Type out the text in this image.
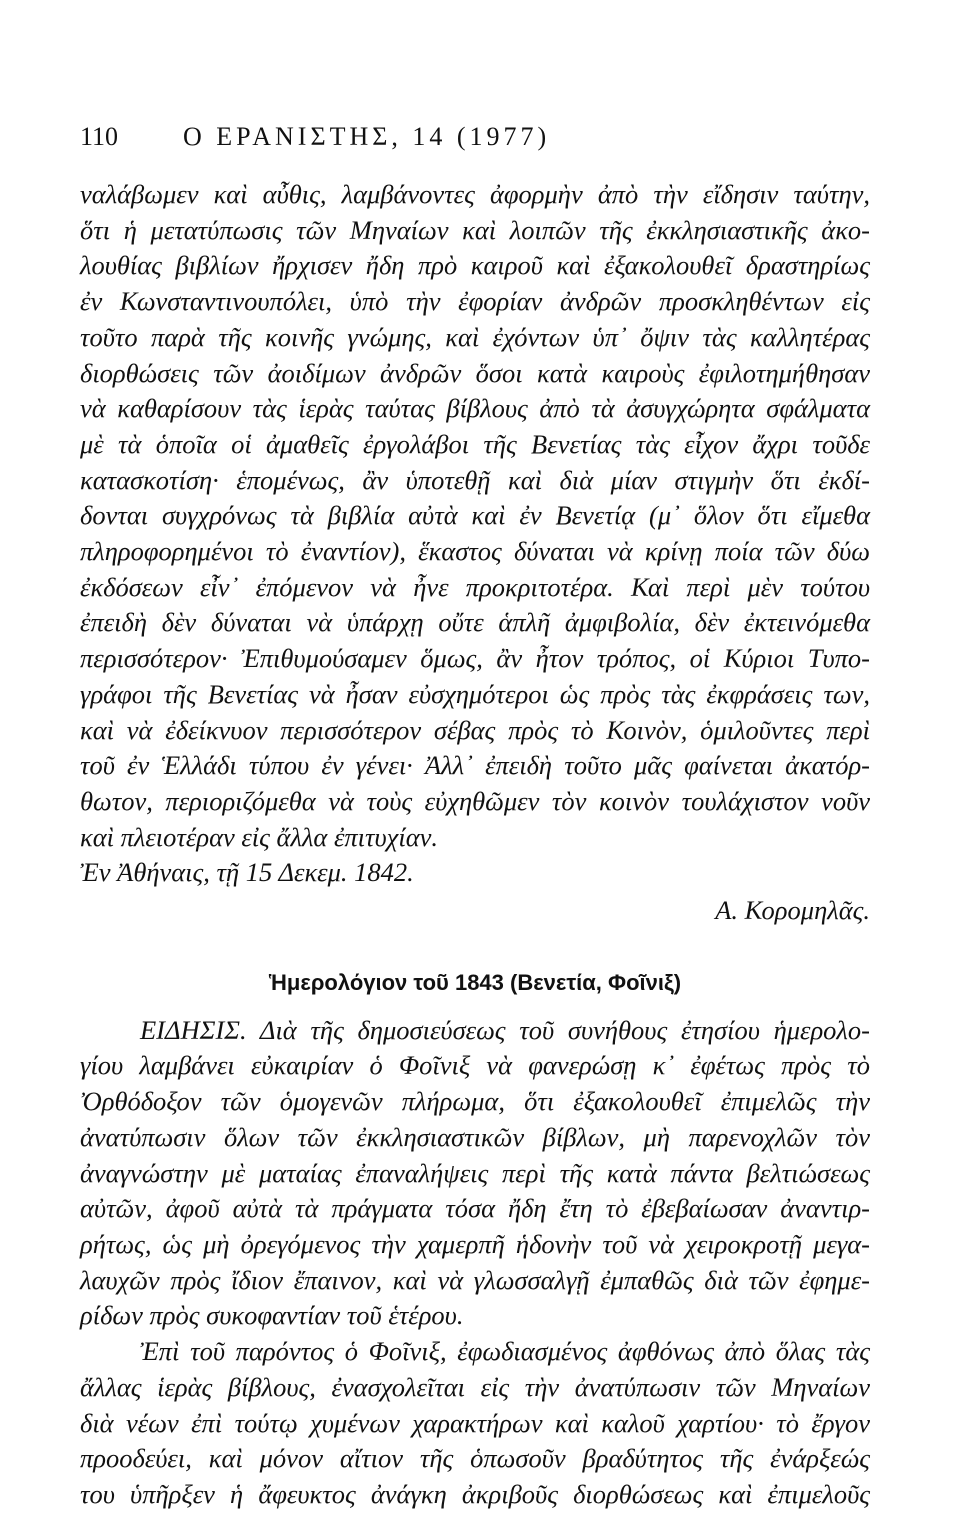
110 Ο ΕΡΑΝΙΣΤΗΣ, 14 (1977)
ναλάβωμεν καὶ αὖθις, λαμβάνοντες ἀφορμὴν ἀπὸ τὴν εἴδησιν ταύτην,
ὅτι ἡ μετατύπωσις τῶν Μηναίων καὶ λοιπῶν τῆς ἐκκλησιαστικῆς ἀκο-
λουθίας βιβλίων ἤρχισεν ἤδη πρὸ καιροῦ καὶ ἐξακολουθεῖ δραστηρίως
ἐν Κωνσταντινουπόλει, ὑπὸ τὴν ἐφορίαν ἀνδρῶν προσκληθέντων εἰς
τοῦτο παρὰ τῆς κοινῆς γνώμης, καὶ ἐχόντων ὑπ᾽ ὄψιν τὰς καλλητέρας
διορθώσεις τῶν ἀοιδίμων ἀνδρῶν ὅσοι κατὰ καιροὺς ἐφιλοτημήθησαν
νὰ καθαρίσουν τὰς ἱερὰς ταύτας βίβλους ἀπὸ τὰ ἀσυγχώρητα σφάλματα
μὲ τὰ ὁποῖα οἱ ἀμαθεῖς ἐργολάβοι τῆς Βενετίας τὰς εἶχον ἄχρι τοῦδε
κατασκοτίση· ἑπομένως, ἂν ὑποτεθῇ καὶ διὰ μίαν στιγμὴν ὅτι ἐκδί-
δονται συγχρόνως τὰ βιβλία αὐτὰ καὶ ἐν Βενετίᾳ (μ᾽ ὅλον ὅτι εἴμεθα
πληροφορημένοι τὸ ἐναντίον), ἕκαστος δύναται νὰ κρίνῃ ποία τῶν δύω
ἐκδόσεων εἶν᾽ ἐπόμενον νὰ ἦνε προκριτοτέρα. Καὶ περὶ μὲν τούτου
ἐπειδὴ δὲν δύναται νὰ ὑπάρχῃ οὔτε ἁπλῆ ἀμφιβολία, δὲν ἐκτεινόμεθα
περισσότερον· Ἐπιθυμούσαμεν ὅμως, ἂν ἦτον τρόπος, οἱ Κύριοι Τυπο-
γράφοι τῆς Βενετίας νὰ ἦσαν εὐσχημότεροι ὡς πρὸς τὰς ἐκφράσεις των,
καὶ νὰ ἐδείκνυον περισσότερον σέβας πρὸς τὸ Κοινὸν, ὁμιλοῦντες περὶ
τοῦ ἐν Ἑλλάδι τύπου ἐν γένει· Ἀλλ᾽ ἐπειδὴ τοῦτο μᾶς φαίνεται ἀκατόρ-
θωτον, περιοριζόμεθα νὰ τοὺς εὐχηθῶμεν τὸν κοινὸν τουλάχιστον νοῦν
καὶ πλειοτέραν εἰς ἄλλα ἐπιτυχίαν.
Ἐν Ἀθήναις, τῇ 15 Δεκεμ. 1842.
Α. Κορομηλᾶς.
Ἡμερολόγιον τοῦ 1843 (Βενετία, Φοῖνιξ)
ΕΙΔΗΣΙΣ. Διὰ τῆς δημοσιεύσεως τοῦ συνήθους ἐτησίου ἡμερολο-
γίου λαμβάνει εὐκαιρίαν ὁ Φοῖνιξ νὰ φανερώσῃ κ᾽ ἐφέτως πρὸς τὸ
Ὀρθόδοξον τῶν ὁμογενῶν πλήρωμα, ὅτι ἐξακολουθεῖ ἐπιμελῶς τὴν
ἀνατύπωσιν ὅλων τῶν ἐκκλησιαστικῶν βίβλων, μὴ παρενοχλῶν τὸν
ἀναγνώστην μὲ ματαίας ἐπαναλήψεις περὶ τῆς κατὰ πάντα βελτιώσεως
αὐτῶν, ἀφοῦ αὐτὰ τὰ πράγματα τόσα ἤδη ἔτη τὸ ἐβεβαίωσαν ἀναντιρ-
ρήτως, ὡς μὴ ὀρεγόμενος τὴν χαμερπῆ ἡδονὴν τοῦ νὰ χειροκροτῇ μεγα-
λαυχῶν πρὸς ἴδιον ἔπαινον, καὶ νὰ γλωσσαλγῇ ἐμπαθῶς διὰ τῶν ἐφημε-
ρίδων πρὸς συκοφαντίαν τοῦ ἑτέρου.
Ἐπὶ τοῦ παρόντος ὁ Φοῖνιξ, ἐφωδιασμένος ἀφθόνως ἀπὸ ὅλας τὰς
ἄλλας ἱερὰς βίβλους, ἐνασχολεῖται εἰς τὴν ἀνατύπωσιν τῶν Μηναίων
διὰ νέων ἐπὶ τούτῳ χυμένων χαρακτήρων καὶ καλοῦ χαρτίου· τὸ ἔργον
προοδεύει, καὶ μόνον αἴτιον τῆς ὁπωσοῦν βραδύτητος τῆς ἐνάρξεώς
του ὑπῆρξεν ἡ ἄφευκτος ἀνάγκη ἀκριβοῦς διορθώσεως καὶ ἐπιμελοῦς
